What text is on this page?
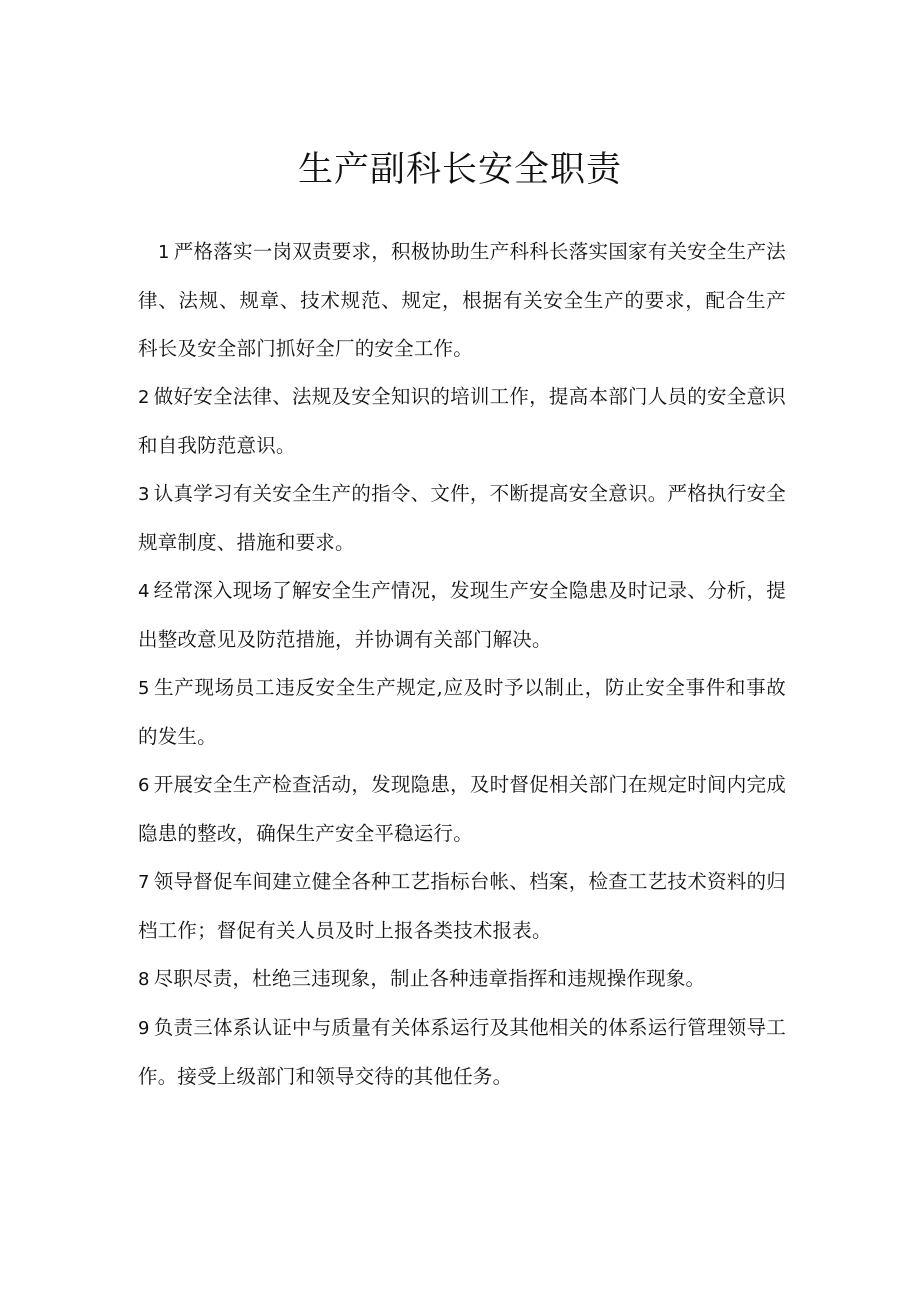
生产副科长安全职责

1 严格落实一岗双责要求，积极协助生产科科长落实国家有关安全生产法律、法规、规章、技术规范、规定，根据有关安全生产的要求，配合生产科长及安全部门抓好全厂的安全工作。

2 做好安全法律、法规及安全知识的培训工作，提高本部门人员的安全意识和自我防范意识。

3 认真学习有关安全生产的指令、文件，不断提高安全意识。严格执行安全规章制度、措施和要求。

4 经常深入现场了解安全生产情况，发现生产安全隐患及时记录、分析，提出整改意见及防范措施，并协调有关部门解决。

5 生产现场员工违反安全生产规定,应及时予以制止，防止安全事件和事故的发生。

6 开展安全生产检查活动，发现隐患，及时督促相关部门在规定时间内完成隐患的整改，确保生产安全平稳运行。

7 领导督促车间建立健全各种工艺指标台帐、档案，检查工艺技术资料的归档工作；督促有关人员及时上报各类技术报表。

8 尽职尽责，杜绝三违现象，制止各种违章指挥和违规操作现象。

9 负责三体系认证中与质量有关体系运行及其他相关的体系运行管理领导工作。接受上级部门和领导交待的其他任务。
